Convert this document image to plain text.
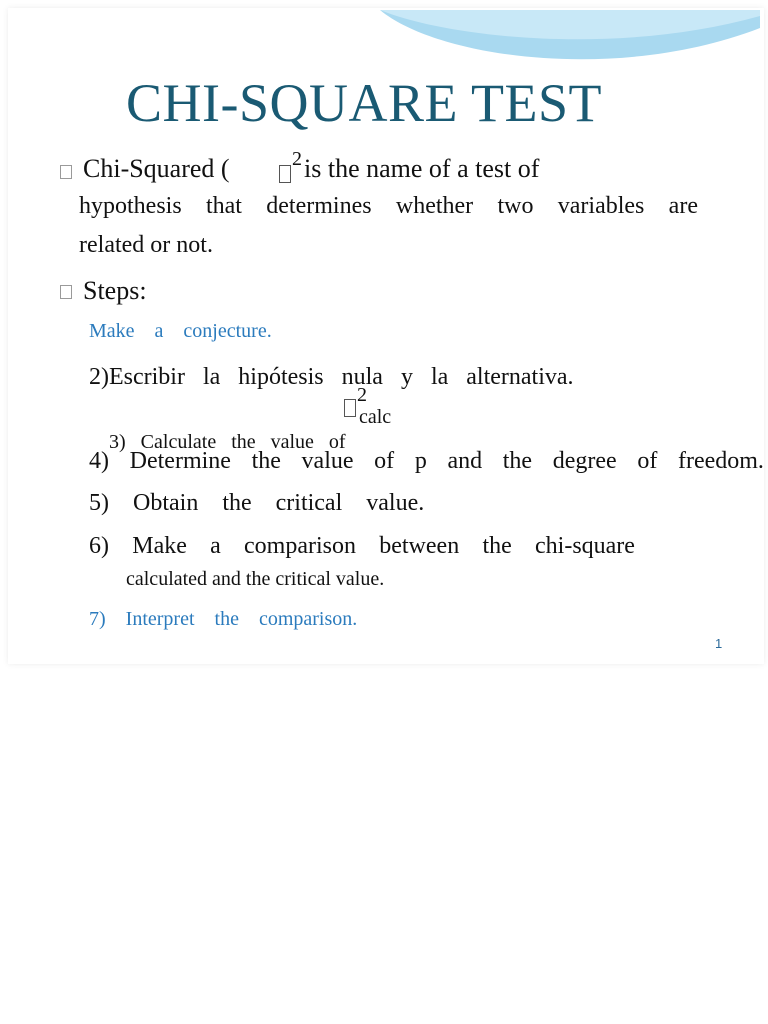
CHI-SQUARE TEST
Chi-Squared (	2 is the name of a test of
hypothesis that determines whether two variables are
related or not.
Steps:
Make    a    conjecture.
2)Escribir   la   hipótesis   nula   y   la   alternativa.

3) Calculate   the   value   of

2
calc
4) Determine the value of p and the degree of freedom.
5)    Obtain    the    critical    value.
6) Make a comparison between the chi-square
calculated and the critical value.
7)    Interpret    the    comparison.
1
